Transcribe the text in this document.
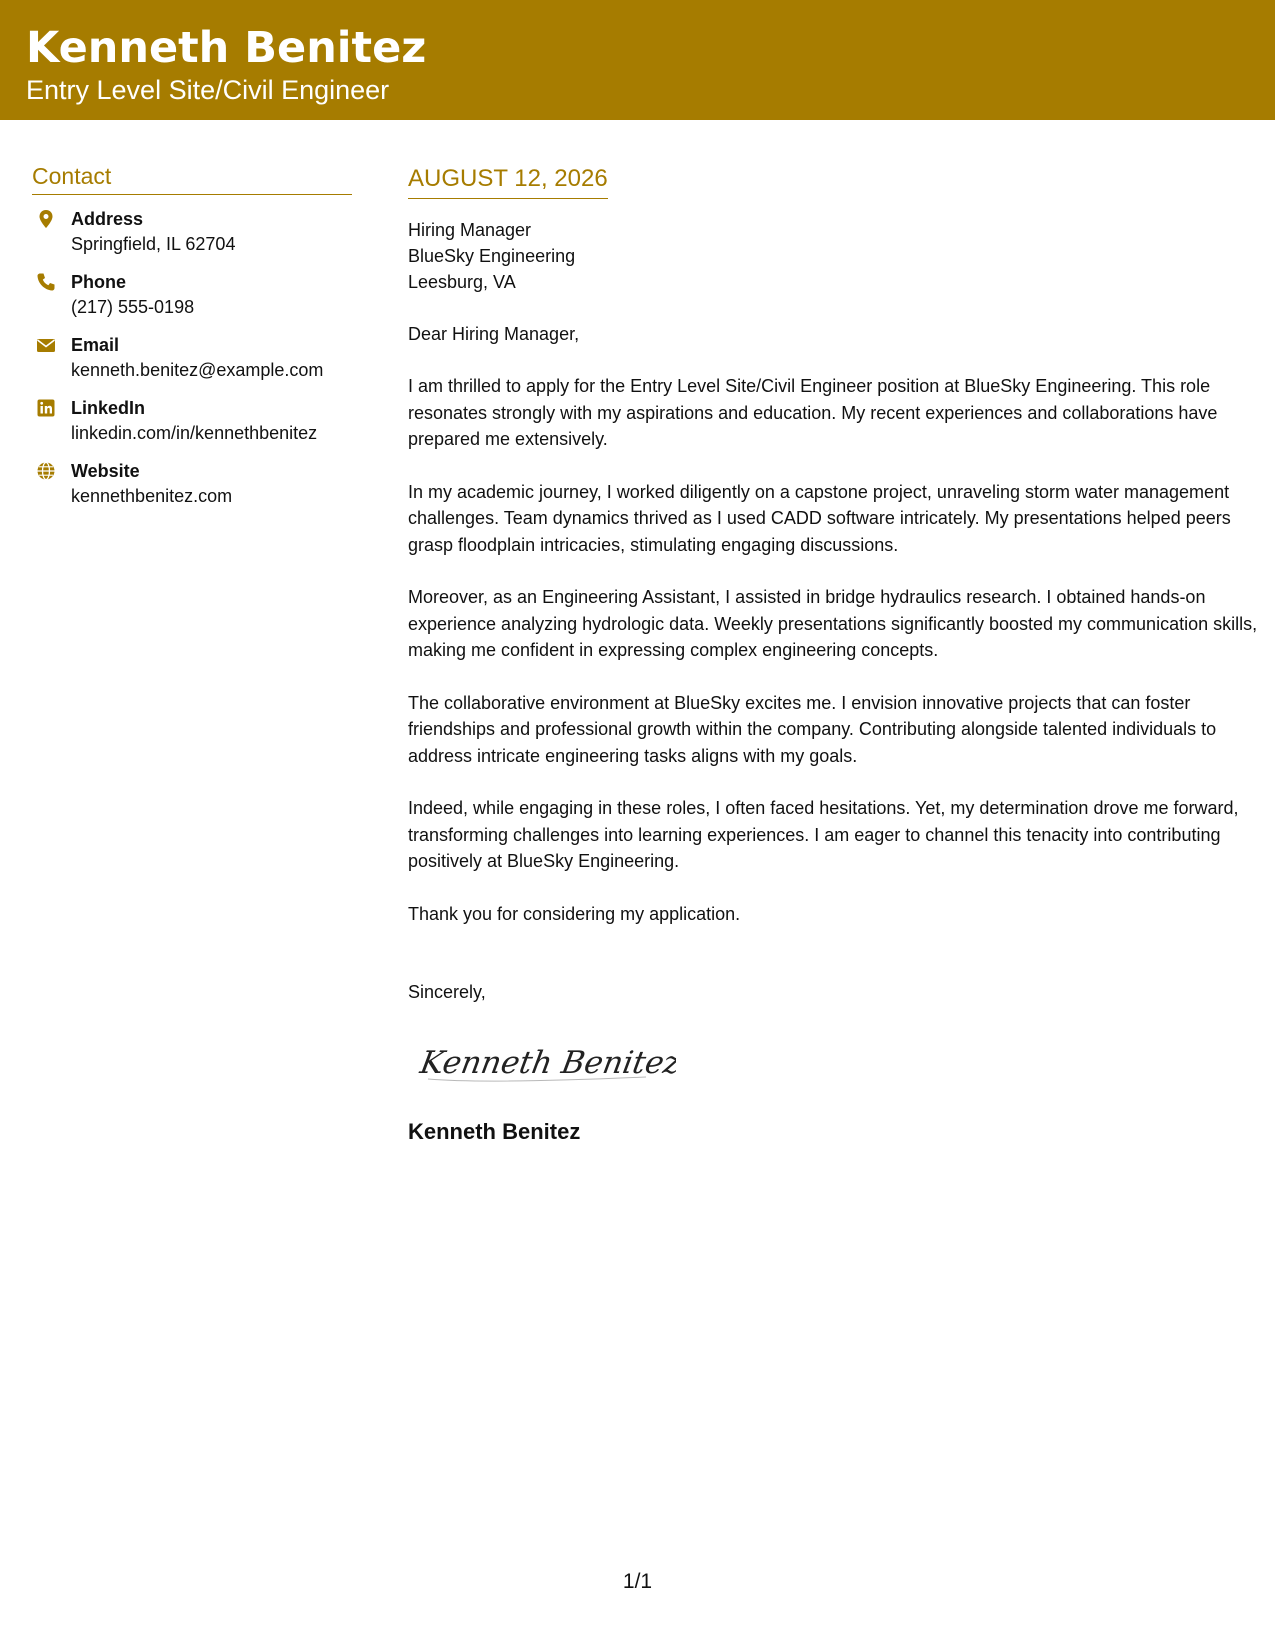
Kenneth Benitez
Entry Level Site/Civil Engineer
Contact
Address
Springfield, IL 62704
Phone
(217) 555-0198
Email
kenneth.benitez@example.com
LinkedIn
linkedin.com/in/kennethbenitez
Website
kennethbenitez.com
AUGUST 12, 2026
Hiring Manager
BlueSky Engineering
Leesburg, VA
Dear Hiring Manager,
I am thrilled to apply for the Entry Level Site/Civil Engineer position at BlueSky Engineering. This role resonates strongly with my aspirations and education. My recent experiences and collaborations have prepared me extensively.
In my academic journey, I worked diligently on a capstone project, unraveling storm water management challenges. Team dynamics thrived as I used CADD software intricately. My presentations helped peers grasp floodplain intricacies, stimulating engaging discussions.
Moreover, as an Engineering Assistant, I assisted in bridge hydraulics research. I obtained hands-on experience analyzing hydrologic data. Weekly presentations significantly boosted my communication skills, making me confident in expressing complex engineering concepts.
The collaborative environment at BlueSky excites me. I envision innovative projects that can foster friendships and professional growth within the company. Contributing alongside talented individuals to address intricate engineering tasks aligns with my goals.
Indeed, while engaging in these roles, I often faced hesitations. Yet, my determination drove me forward, transforming challenges into learning experiences. I am eager to channel this tenacity into contributing positively at BlueSky Engineering.
Thank you for considering my application.
Sincerely,
Kenneth Benitez
Kenneth Benitez
1/1
